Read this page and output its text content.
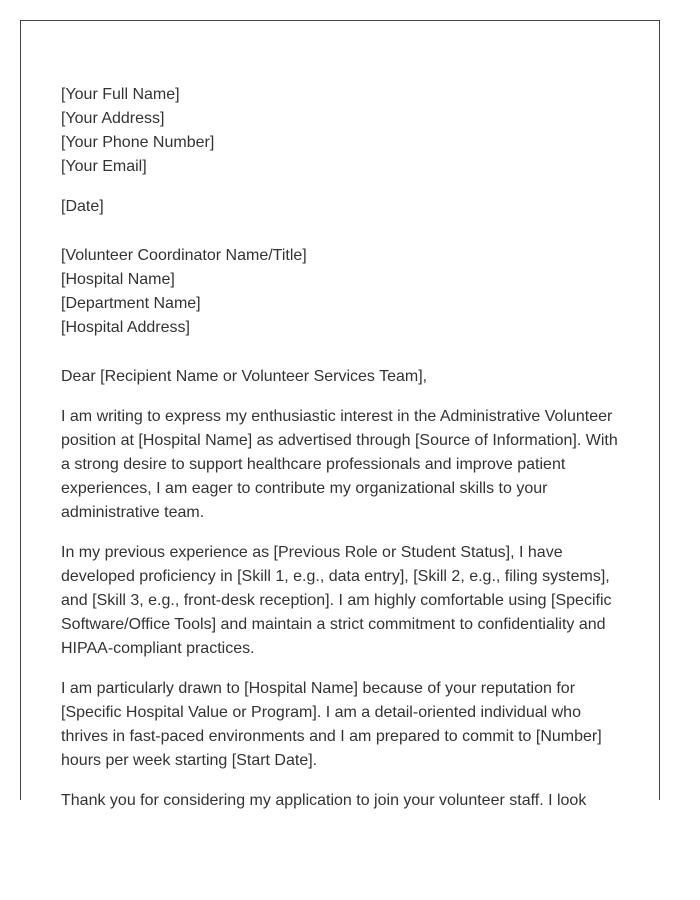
[Your Full Name]
[Your Address]
[Your Phone Number]
[Your Email]
[Date]
[Volunteer Coordinator Name/Title]
[Hospital Name]
[Department Name]
[Hospital Address]
Dear [Recipient Name or Volunteer Services Team],

I am writing to express my enthusiastic interest in the Administrative Volunteer
position at [Hospital Name] as advertised through [Source of Information]. With
a strong desire to support healthcare professionals and improve patient
experiences, I am eager to contribute my organizational skills to your
administrative team.

In my previous experience as [Previous Role or Student Status], I have
developed proficiency in [Skill 1, e.g., data entry], [Skill 2, e.g., filing systems],
and [Skill 3, e.g., front-desk reception]. I am highly comfortable using [Specific
Software/Office Tools] and maintain a strict commitment to confidentiality and
HIPAA-compliant practices.

I am particularly drawn to [Hospital Name] because of your reputation for
[Specific Hospital Value or Program]. I am a detail-oriented individual who
thrives in fast-paced environments and I am prepared to commit to [Number]
hours per week starting [Start Date].

Thank you for considering my application to join your volunteer staff. I look
